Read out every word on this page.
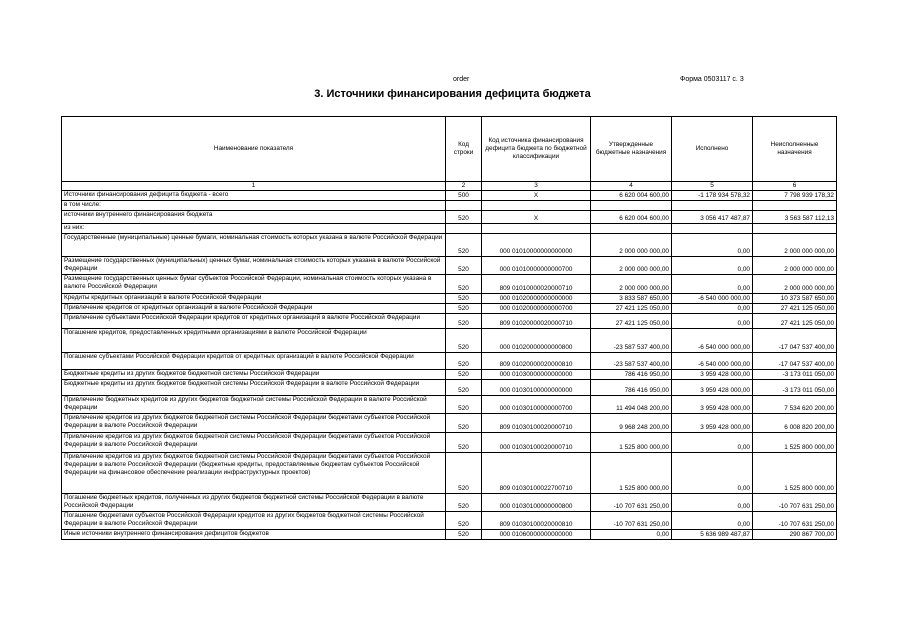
order	Форма 0503117 с. 3
3. Источники финансирования дефицита бюджета
Наименование показателя	Код строки	Код источника финансирования дефицита бюджета по бюджетной классификации	Утвержденные бюджетные назначения	Исполнено	Неисполненные назначения
1	2	3	4	5	6
Источники финансирования дефицита бюджета - всего	500	X	6 620 004 600,00	-1 178 934 578,32	7 798 939 178,32
в том числе:					
источники внутреннего финансирования бюджета	520	X	6 620 004 600,00	3 056 417 487,87	3 563 587 112,13
из них:					
Государственные (муниципальные) ценные бумаги, номинальная стоимость которых указана в валюте Российской Федерации	520	000 01010000000000000	2 000 000 000,00	0,00	2 000 000 000,00
Размещение государственных (муниципальных) ценных бумаг, номинальная стоимость которых указана в валюте Российской Федерации	520	000 01010000000000700	2 000 000 000,00	0,00	2 000 000 000,00
Размещение государственных ценных бумаг субъектов Российской Федерации, номинальная стоимость которых указана в валюте Российской Федерации	520	809 01010000020000710	2 000 000 000,00	0,00	2 000 000 000,00
Кредиты кредитных организаций в валюте Российской Федерации	520	000 01020000000000000	3 833 587 650,00	-6 540 000 000,00	10 373 587 650,00
Привлечение кредитов от кредитных организаций в валюте Российской Федерации	520	000 01020000000000700	27 421 125 050,00	0,00	27 421 125 050,00
Привлечение субъектами Российской Федерации кредитов от кредитных организаций в валюте Российской Федерации	520	809 01020000020000710	27 421 125 050,00	0,00	27 421 125 050,00
Погашение кредитов, предоставленных кредитными организациями в валюте Российской Федерации	520	000 01020000000000800	-23 587 537 400,00	-6 540 000 000,00	-17 047 537 400,00
Погашение субъектами Российской Федерации кредитов от кредитных организаций в валюте Российской Федерации	520	809 01020000020000810	-23 587 537 400,00	-6 540 000 000,00	-17 047 537 400,00
Бюджетные кредиты из других бюджетов бюджетной системы Российской Федерации	520	000 01030000000000000	786 416 950,00	3 959 428 000,00	-3 173 011 050,00
Бюджетные кредиты из других бюджетов бюджетной системы Российской Федерации в валюте Российской Федерации	520	000 01030100000000000	786 416 950,00	3 959 428 000,00	-3 173 011 050,00
Привлечение бюджетных кредитов из других бюджетов бюджетной системы Российской Федерации в валюте Российской Федерации	520	000 01030100000000700	11 494 048 200,00	3 959 428 000,00	7 534 620 200,00
Привлечение кредитов из других бюджетов бюджетной системы Российской Федерации бюджетами субъектов Российской Федерации в валюте Российской Федерации	520	809 01030100020000710	9 968 248 200,00	3 959 428 000,00	6 008 820 200,00
Привлечение кредитов из других бюджетов бюджетной системы Российской Федерации бюджетами субъектов Российской Федерации в валюте Российской Федерации	520	000 01030100020000710	1 525 800 000,00	0,00	1 525 800 000,00
Привлечение кредитов из других бюджетов бюджетной системы Российской Федерации бюджетами субъектов Российской Федерации в валюте Российской Федерации (бюджетные кредиты, предоставляемые бюджетам субъектов Российской Федерации на финансовое обеспечение реализации инфраструктурных проектов)	520	809 01030100022700710	1 525 800 000,00	0,00	1 525 800 000,00
Погашение бюджетных кредитов, полученных из других бюджетов бюджетной системы Российской Федерации в валюте Российской Федерации	520	000 01030100000000800	-10 707 631 250,00	0,00	-10 707 631 250,00
Погашение бюджетами субъектов Российской Федерации кредитов из других бюджетов бюджетной системы Российской Федерации в валюте Российской Федерации	520	809 01030100020000810	-10 707 631 250,00	0,00	-10 707 631 250,00
Иные источники внутреннего финансирования дефицитов бюджетов	520	000 01060000000000000	0,00	5 636 989 487,87	290 867 700,00
